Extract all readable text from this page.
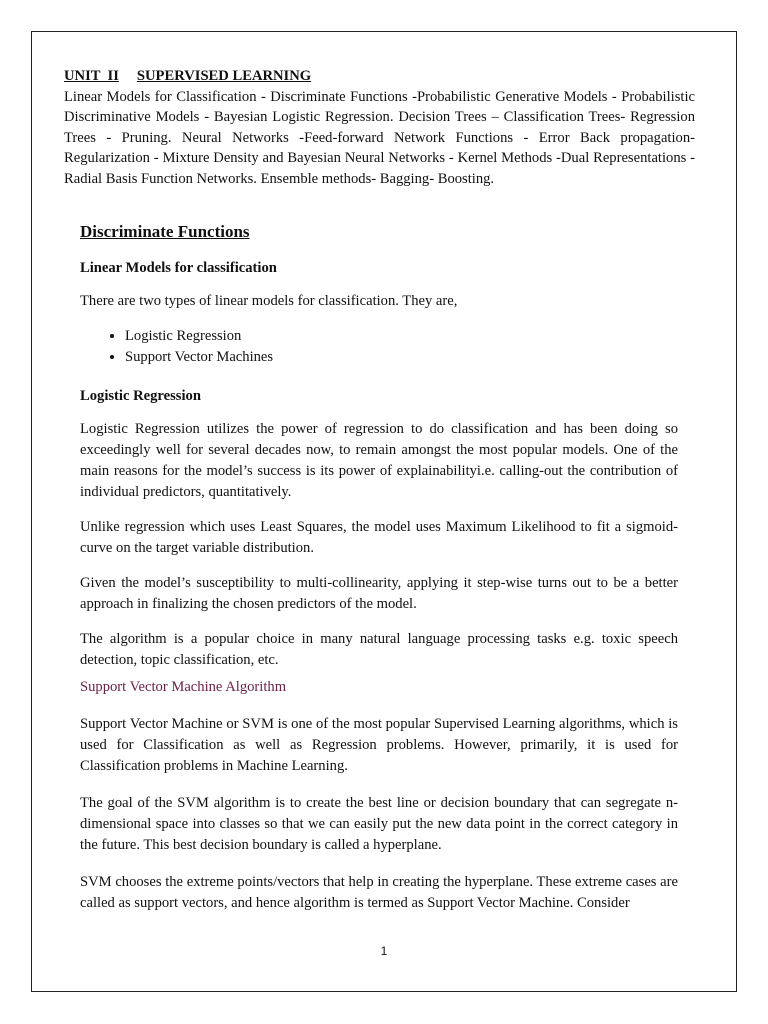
UNIT  II SUPERVISED LEARNING

Linear Models for Classification - Discriminate Functions -Probabilistic Generative Models - Probabilistic Discriminative Models - Bayesian Logistic Regression. Decision Trees – Classification Trees- Regression Trees - Pruning. Neural Networks -Feed-forward Network Functions - Error Back propagation- Regularization - Mixture Density and Bayesian Neural Networks - Kernel Methods -Dual Representations - Radial Basis Function Networks. Ensemble methods- Bagging- Boosting.

Discriminate Functions

Linear Models for classification

There are two types of linear models for classification. They are,

• Logistic Regression
• Support Vector Machines

Logistic Regression

Logistic Regression utilizes the power of regression to do classification and has been doing so exceedingly well for several decades now, to remain amongst the most popular models. One of the main reasons for the model’s success is its power of explainabilityi.e. calling-out the contribution of individual predictors, quantitatively.

Unlike regression which uses Least Squares, the model uses Maximum Likelihood to fit a sigmoid-curve on the target variable distribution.

Given the model’s susceptibility to multi-collinearity, applying it step-wise turns out to be a better approach in finalizing the chosen predictors of the model.

The algorithm is a popular choice in many natural language processing tasks e.g. toxic speech detection, topic classification, etc.

Support Vector Machine Algorithm

Support Vector Machine or SVM is one of the most popular Supervised Learning algorithms, which is used for Classification as well as Regression problems. However, primarily, it is used for Classification problems in Machine Learning.

The goal of the SVM algorithm is to create the best line or decision boundary that can segregate n-dimensional space into classes so that we can easily put the new data point in the correct category in the future. This best decision boundary is called a hyperplane.

SVM chooses the extreme points/vectors that help in creating the hyperplane. These extreme cases are called as support vectors, and hence algorithm is termed as Support Vector Machine. Consider

1
